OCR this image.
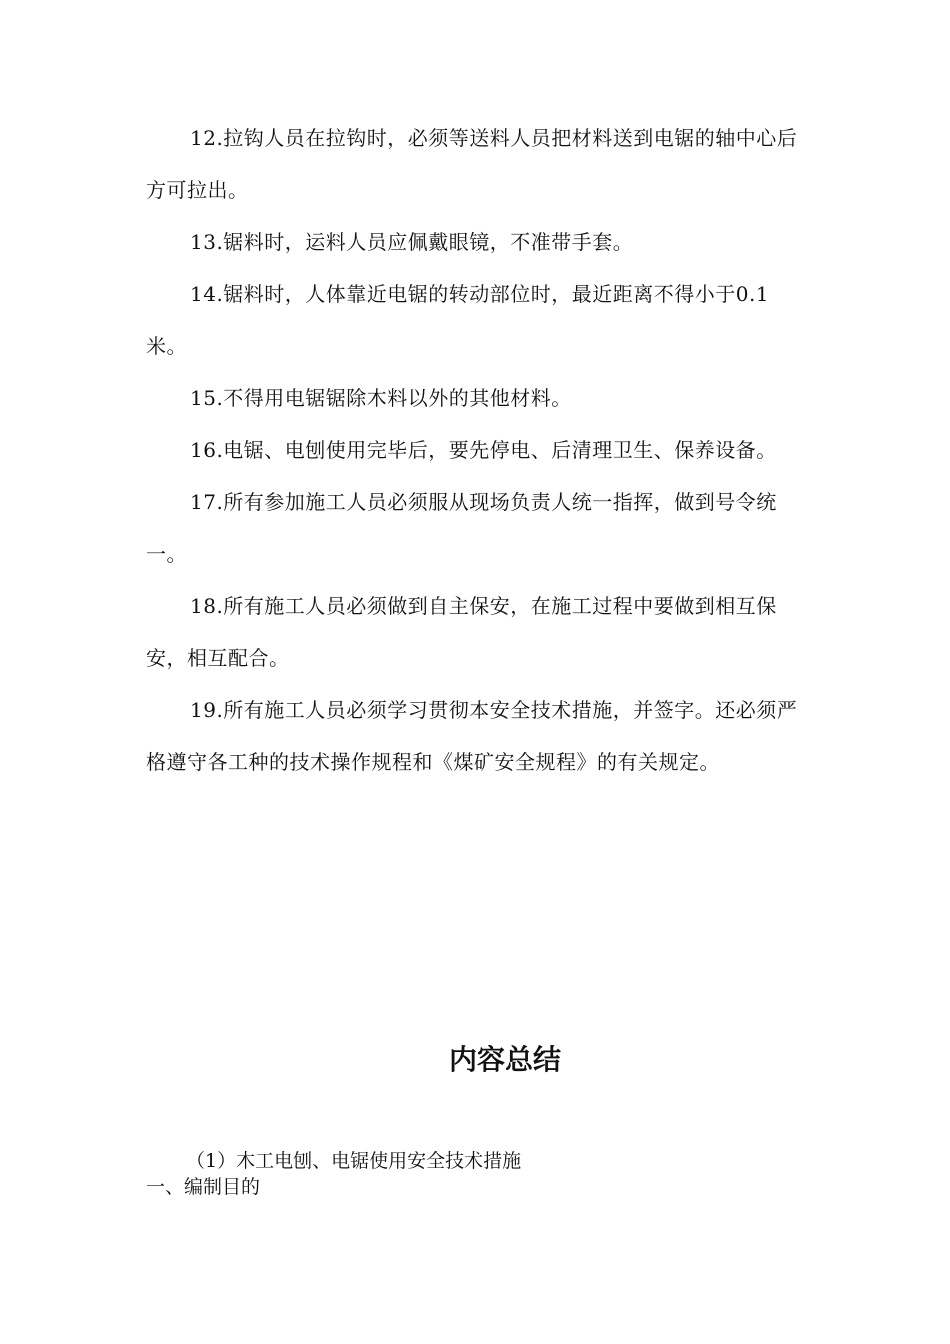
12.拉钩人员在拉钩时，必须等送料人员把材料送到电锯的轴中心后方可拉出。

13.锯料时，运料人员应佩戴眼镜，不准带手套。

14.锯料时，人体靠近电锯的转动部位时，最近距离不得小于0.1米。

15.不得用电锯锯除木料以外的其他材料。

16.电锯、电刨使用完毕后，要先停电、后清理卫生、保养设备。

17.所有参加施工人员必须服从现场负责人统一指挥，做到号令统一。

18.所有施工人员必须做到自主保安，在施工过程中要做到相互保安，相互配合。

19.所有施工人员必须学习贯彻本安全技术措施，并签字。还必须严格遵守各工种的技术操作规程和《煤矿安全规程》的有关规定。

内容总结

（1）木工电刨、电锯使用安全技术措施

一、编制目的
